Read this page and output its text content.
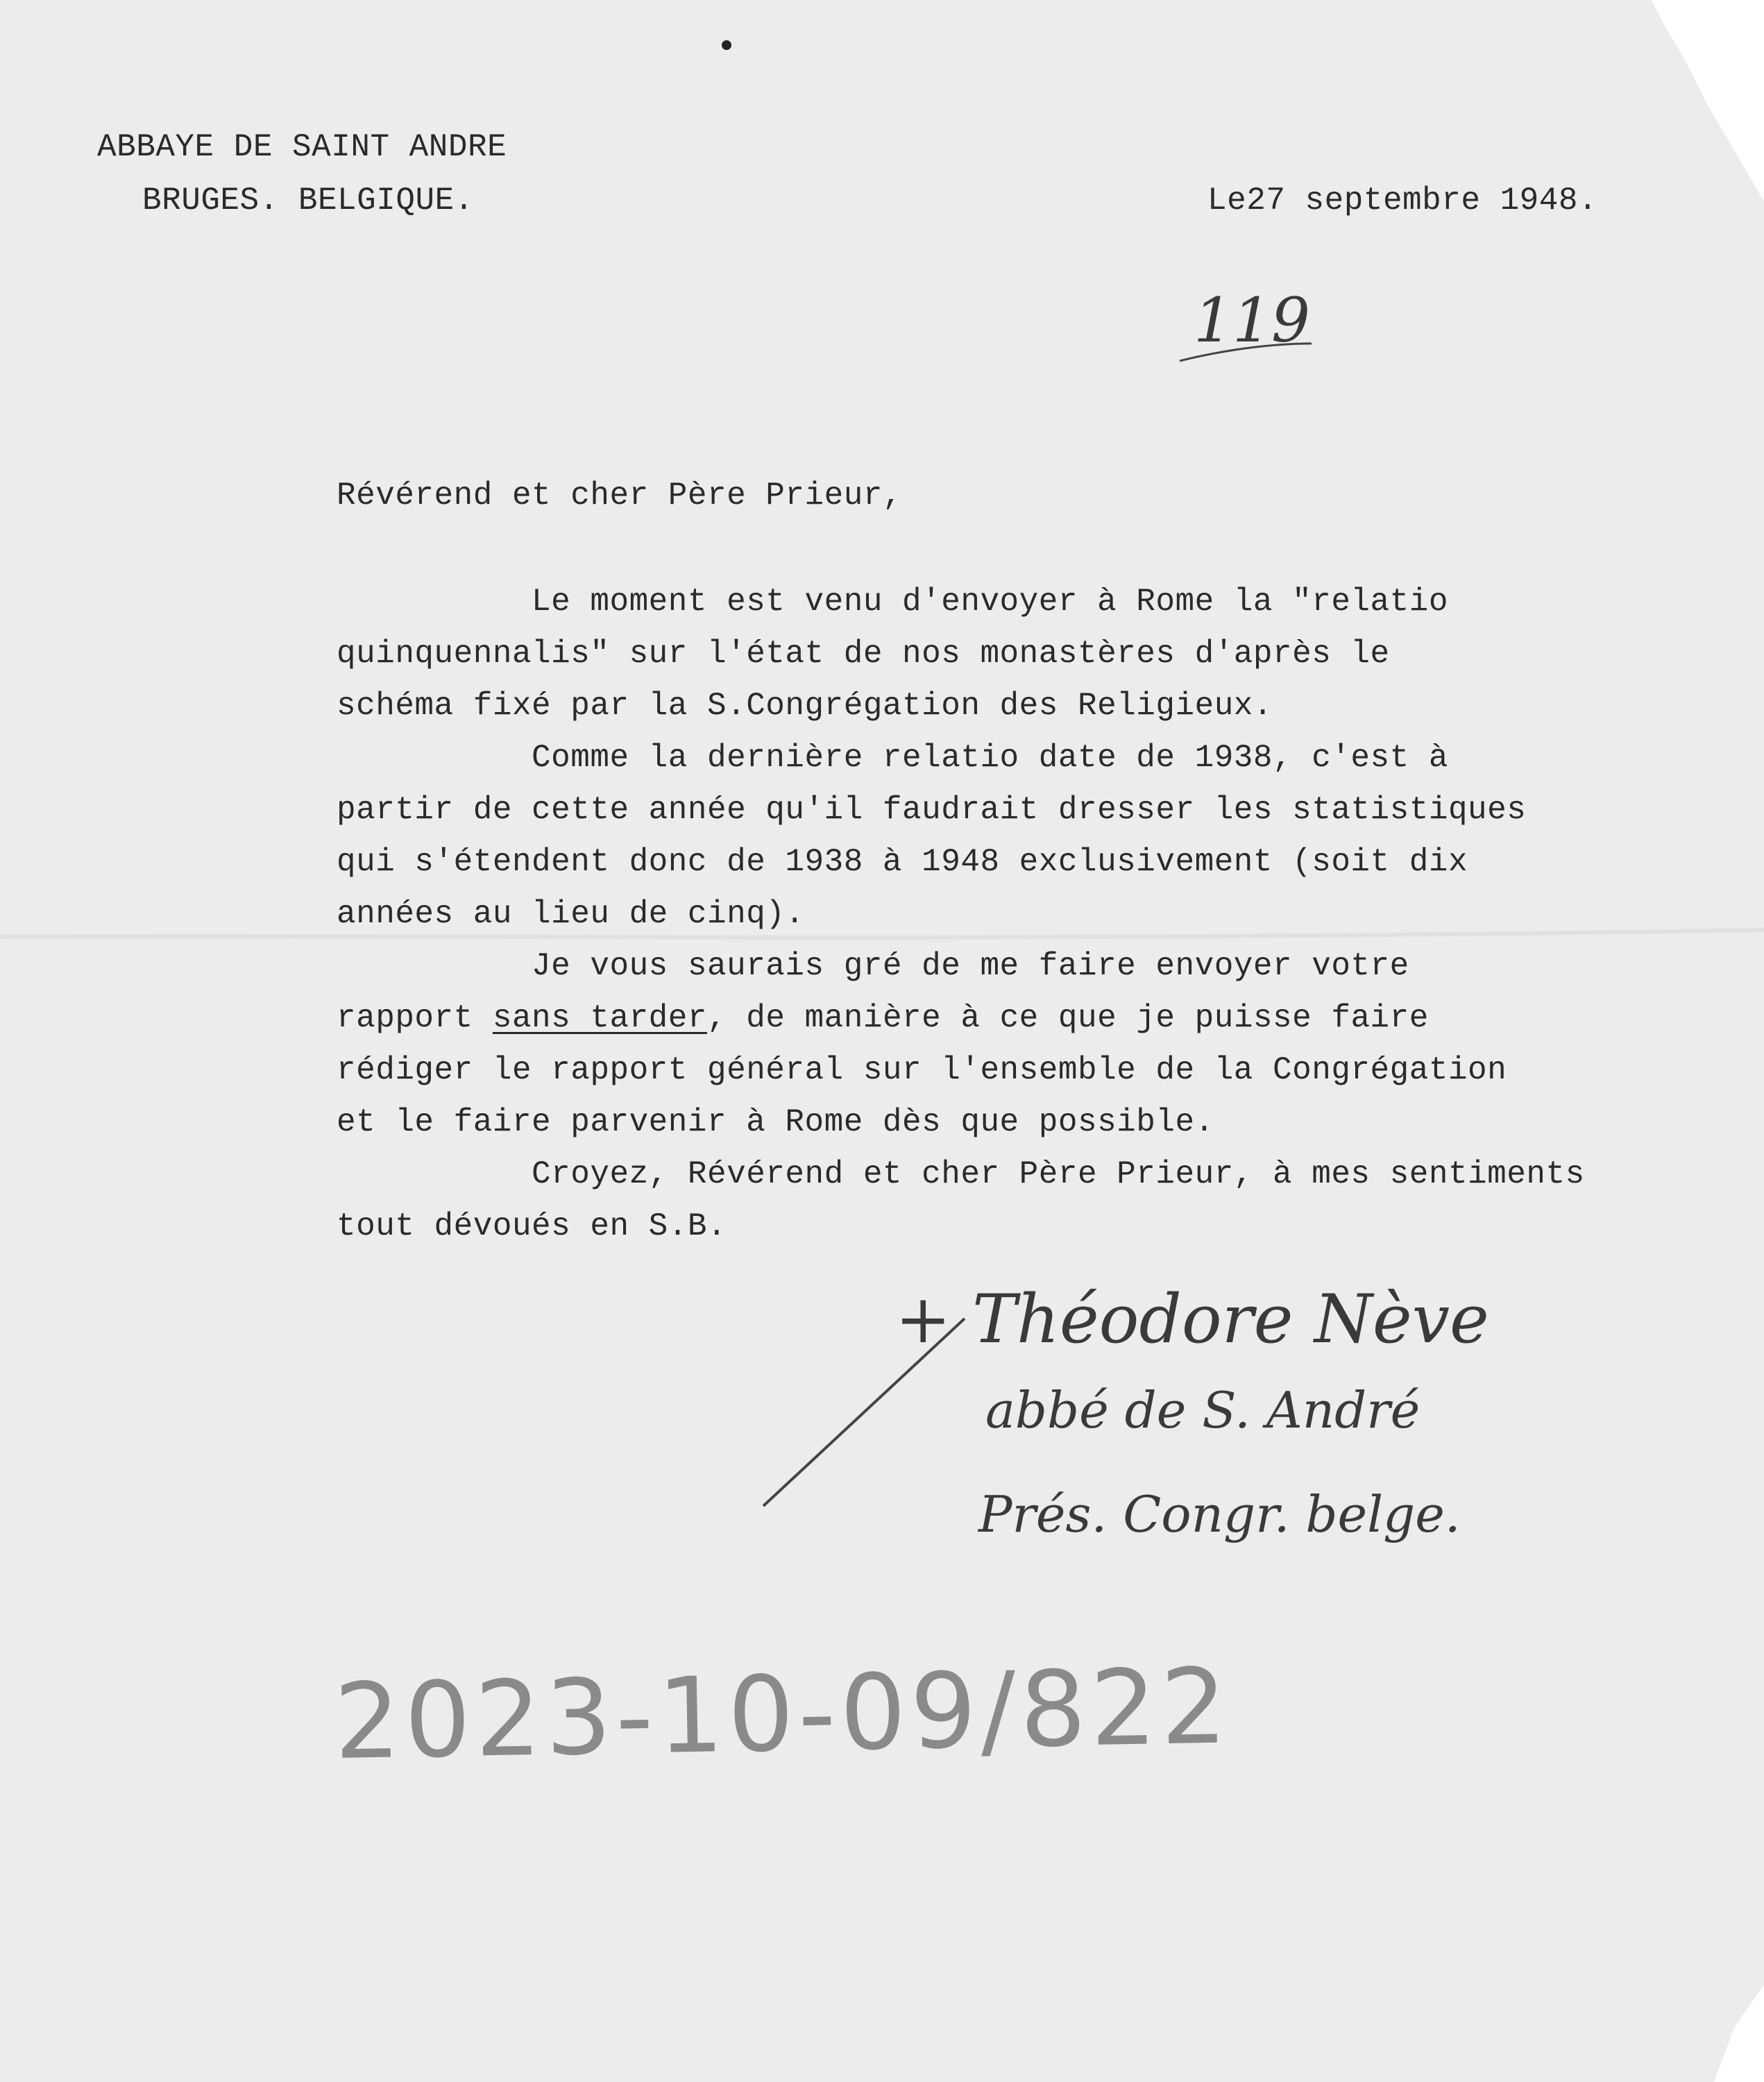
ABBAYE DE SAINT ANDRE
BRUGES. BELGIQUE.	Le27 septembre 1948.
119
Révérend et cher Père Prieur,
Le moment est venu d'envoyer à Rome la "relatio
quinquennalis" sur l'état de nos monastères d'après le
schéma fixé par la S.Congrégation des Religieux.
Comme la dernière relatio date de 1938, c'est à
partir de cette année qu'il faudrait dresser les statistiques
qui s'étendent donc de 1938 à 1948 exclusivement (soit dix
années au lieu de cinq).
Je vous saurais gré de me faire envoyer votre
rapport sans tarder, de manière à ce que je puisse faire
rédiger le rapport général sur l'ensemble de la Congrégation
et le faire parvenir à Rome dès que possible.
Croyez, Révérend et cher Père Prieur, à mes sentiments
tout dévoués en S.B.
+ Théodore Nève
abbé de S. André
Prés. Congr. belge.
2023-10-09/822
